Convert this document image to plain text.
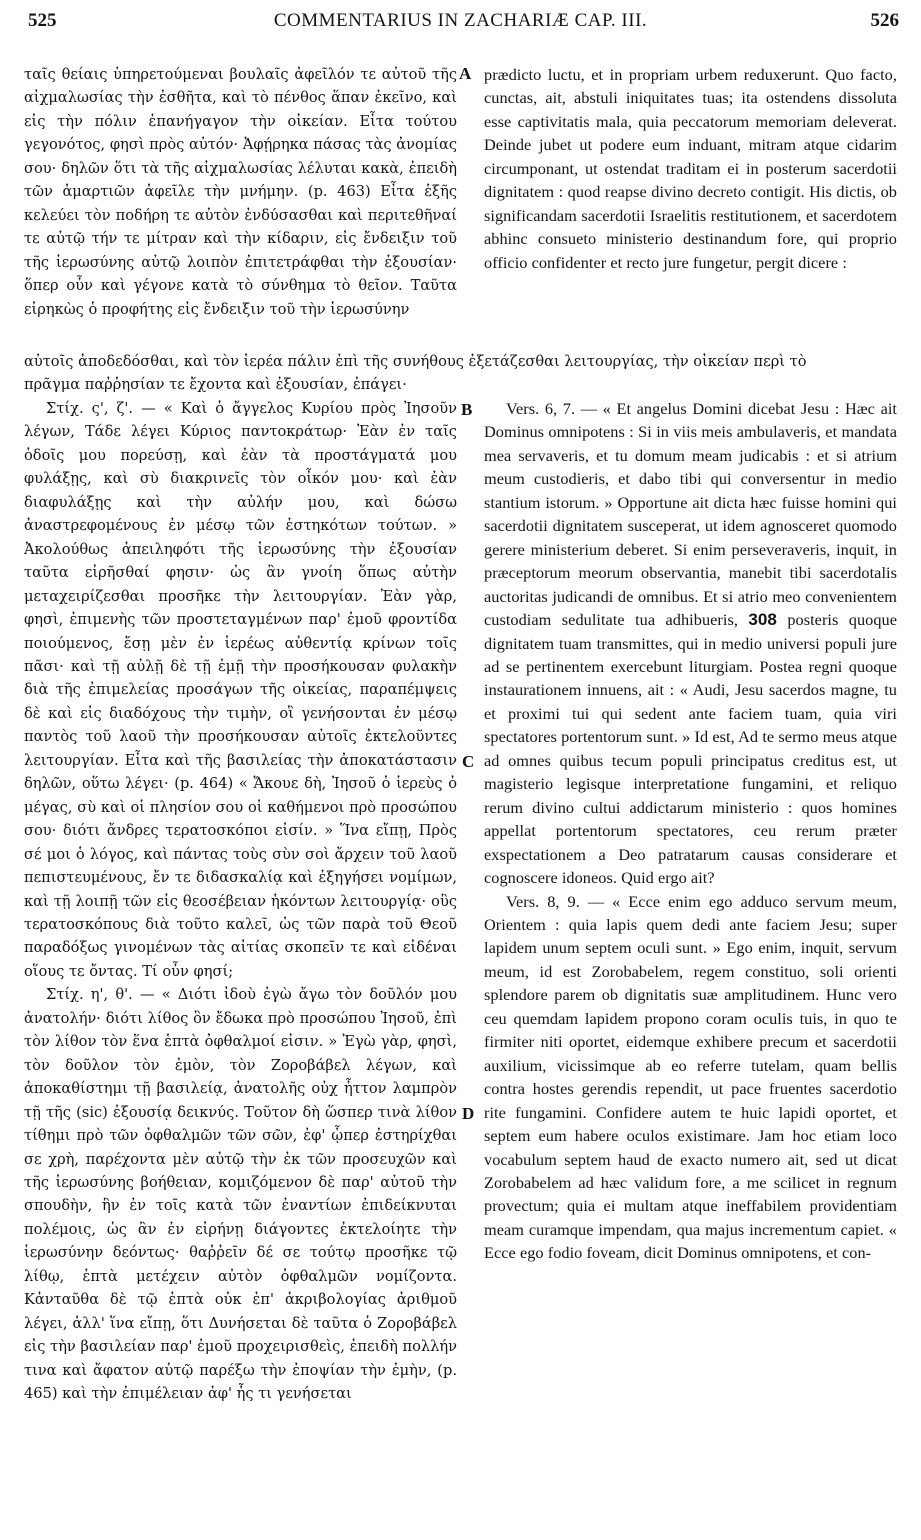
525	COMMENTARIUS IN ZACHARIÆ CAP. III.	526

ταῖς θείαις ὑπηρετούμεναι βουλαῖς ἀφεῖλόν τε αὐτοῦ τῆς αἰχμαλωσίας τὴν ἐσθῆτα, καὶ τὸ πένθος ἅπαν ἐκεῖνο, καὶ εἰς τὴν πόλιν ἐπανήγαγον τὴν οἰκείαν. Εἶτα τούτου γεγονότος, φησὶ πρὸς αὐτόν· Ἀφῄρηκα πάσας τὰς ἀνομίας σου· δηλῶν ὅτι τὰ τῆς αἰχμαλωσίας λέλυται κακὰ, ἐπειδὴ τῶν ἁμαρτιῶν ἀφεῖλε τὴν μνήμην. (p. 463) Εἶτα ἑξῆς κελεύει τὸν ποδήρη τε αὐτὸν ἐνδύσασθαι καὶ περιτεθῆναί τε αὐτῷ τήν τε μίτραν καὶ τὴν κίδαριν, εἰς ἔνδειξιν τοῦ τῆς ἱερωσύνης αὐτῷ λοιπὸν ἐπιτετράφθαι τὴν ἐξουσίαν· ὅπερ οὖν καὶ γέγονε κατὰ τὸ σύνθημα τὸ θεῖον. Ταῦτα εἰρηκὼς ὁ προφήτης εἰς ἔνδειξιν τοῦ τὴν ἱερωσύνην

prædicto luctu, et in propriam urbem reduxerunt. Quo facto, cunctas, ait, abstuli iniquitates tuas; ita ostendens dissoluta esse captivitatis mala, quia peccatorum memoriam deleverat. Deinde jubet ut podere eum induant, mitram atque cidarim circumponant, ut ostendat traditam ei in posterum sacerdotii dignitatem : quod reapse divino decreto contigit. His dictis, ob significandam sacerdotii Israelitis restitutionem, et sacerdotem abhinc consueto ministerio destinandum fore, qui proprio officio confidenter et recto jure fungetur, pergit dicere :

αὐτοῖς ἀποδεδόσθαι, καὶ τὸν ἱερέα πάλιν ἐπὶ τῆς συνήθους ἐξετάζεσθαι λειτουργίας, τὴν οἰκείαν περὶ τὸ

πρᾶγμα παῤῥησίαν τε ἔχοντα καὶ ἐξουσίαν, ἐπάγει·

Στίχ. ς', ζ'. — « Καὶ ὁ ἄγγελος Κυρίου πρὸς Ἰησοῦν λέγων, Τάδε λέγει Κύριος παντοκράτωρ· Ἐὰν ἐν ταῖς ὁδοῖς μου πορεύσῃ, καὶ ἐὰν τὰ προστάγματά μου φυλάξῃς, καὶ σὺ διακρινεῖς τὸν οἶκόν μου· καὶ ἐὰν διαφυλάξῃς καὶ τὴν αὐλήν μου, καὶ δώσω ἀναστρεφομένους ἐν μέσῳ τῶν ἑστηκότων τούτων. » Ἀκολούθως ἀπειληφότι τῆς ἱερωσύνης τὴν ἐξουσίαν ταῦτα εἰρῆσθαί φησιν· ὡς ἂν γνοίη ὅπως αὐτὴν μεταχειρίζεσθαι προσῆκε τὴν λειτουργίαν. Ἐὰν γὰρ, φησὶ, ἐπιμενὴς τῶν προστεταγμένων παρ' ἐμοῦ φροντίδα ποιούμενος, ἔσῃ μὲν ἐν ἱερέως αὐθεντίᾳ κρίνων τοῖς πᾶσι· καὶ τῇ αὐλῇ δὲ τῇ ἐμῇ τὴν προσήκουσαν φυλακὴν διὰ τῆς ἐπιμελείας προσάγων τῆς οἰκείας, παραπέμψεις δὲ καὶ εἰς διαδόχους τὴν τιμὴν, οἳ γενήσονται ἐν μέσῳ παντὸς τοῦ λαοῦ τὴν προσήκουσαν αὐτοῖς ἐκτελοῦντες λειτουργίαν. Εἶτα καὶ τῆς βασιλείας τὴν ἀποκατάστασιν δηλῶν, οὕτω λέγει· (p. 464) « Ἄκουε δὴ, Ἰησοῦ ὁ ἱερεὺς ὁ μέγας, σὺ καὶ οἱ πλησίον σου οἱ καθήμενοι πρὸ προσώπου σου· διότι ἄνδρες τερατοσκόποι εἰσίν. » Ἵνα εἴπῃ, Πρὸς σέ μοι ὁ λόγος, καὶ πάντας τοὺς σὺν σοὶ ἄρχειν τοῦ λαοῦ πεπιστευμένους, ἔν τε διδασκαλίᾳ καὶ ἐξηγήσει νομίμων, καὶ τῇ λοιπῇ τῶν εἰς θεοσέβειαν ἡκόντων λειτουργίᾳ· οὓς τερατοσκόπους διὰ τοῦτο καλεῖ, ὡς τῶν παρὰ τοῦ Θεοῦ παραδόξως γινομένων τὰς αἰτίας σκοπεῖν τε καὶ εἰδέναι οἵους τε ὄντας. Τί οὖν φησί;

Στίχ. η', θ'. — « Διότι ἰδοὺ ἐγὼ ἄγω τὸν δοῦλόν μου ἀνατολήν· διότι λίθος ὃν ἔδωκα πρὸ προσώπου Ἰησοῦ, ἐπὶ τὸν λίθον τὸν ἕνα ἑπτὰ ὀφθαλμοί εἰσιν. » Ἐγὼ γὰρ, φησὶ, τὸν δοῦλον τὸν ἐμὸν, τὸν Ζοροβάβελ λέγων, καὶ ἀποκαθίστημι τῇ βασιλείᾳ, ἀνατολῆς οὐχ ἧττον λαμπρὸν τῇ τῆς (sic) ἐξουσίᾳ δεικνύς. Τοῦτον δὴ ὥσπερ τινὰ λίθον τίθημι πρὸ τῶν ὀφθαλμῶν τῶν σῶν, ἐφ' ᾧπερ ἐστηρίχθαι σε χρὴ, παρέχοντα μὲν αὐτῷ τὴν ἐκ τῶν προσευχῶν καὶ τῆς ἱερωσύνης βοήθειαν, κομιζόμενον δὲ παρ' αὐτοῦ τὴν σπουδὴν, ἣν ἐν τοῖς κατὰ τῶν ἐναντίων ἐπιδείκνυται πολέμοις, ὡς ἂν ἐν εἰρήνῃ διάγοντες ἐκτελοίητε τὴν ἱερωσύνην δεόντως· θαῤῥεῖν δέ σε τούτῳ προσῆκε τῷ λίθῳ, ἑπτὰ μετέχειν αὐτὸν ὀφθαλμῶν νομίζοντα. Κἀνταῦθα δὲ τῷ ἑπτὰ οὐκ ἐπ' ἀκριβολογίας ἀριθμοῦ λέγει, ἀλλ' ἵνα εἴπῃ, ὅτι Δυνήσεται δὲ ταῦτα ὁ Ζοροβάβελ εἰς τὴν βασιλείαν παρ' ἐμοῦ προχειρισθεὶς, ἐπειδὴ πολλήν τινα καὶ ἄφατον αὐτῷ παρέξω τὴν ἐποψίαν τὴν ἐμὴν, (p. 465) καὶ τὴν ἐπιμέλειαν ἀφ' ἧς τι γενήσεται

Vers. 6, 7. — « Et angelus Domini dicebat Jesu : Hæc ait Dominus omnipotens : Si in viis meis ambulaveris, et mandata mea servaveris, et tu domum meam judicabis : et si atrium meum custodieris, et dabo tibi qui conversentur in medio stantium istorum. » Opportune ait dicta hæc fuisse homini qui sacerdotii dignitatem susceperat, ut idem agnosceret quomodo gerere ministerium deberet. Si enim perseveraveris, inquit, in præceptorum meorum observantia, manebit tibi sacerdotalis auctoritas judicandi de omnibus. Et si atrio meo convenientem custodiam sedulitate tua adhibueris, 308 posteris quoque dignitatem tuam transmittes, qui in medio universi populi jure ad se pertinentem exercebunt liturgiam. Postea regni quoque instaurationem innuens, ait : « Audi, Jesu sacerdos magne, tu et proximi tui qui sedent ante faciem tuam, quia viri spectatores portentorum sunt. » Id est, Ad te sermo meus atque ad omnes quibus tecum populi principatus creditus est, ut magisterio legisque interpretatione fungamini, et reliquo rerum divino cultui addictarum ministerio : quos homines appellat portentorum spectatores, ceu rerum præter exspectationem a Deo patratarum causas considerare et cognoscere idoneos. Quid ergo ait?

Vers. 8, 9. — « Ecce enim ego adduco servum meum, Orientem : quia lapis quem dedi ante faciem Jesu; super lapidem unum septem oculi sunt. » Ego enim, inquit, servum meum, id est Zorobabelem, regem constituo, soli orienti splendore parem ob dignitatis suæ amplitudinem. Hunc vero ceu quemdam lapidem propono coram oculis tuis, in quo te firmiter niti oportet, eidemque exhibere precum et sacerdotii auxilium, vicissimque ab eo referre tutelam, quam bellis contra hostes gerendis rependit, ut pace fruentes sacerdotio rite fungamini. Confidere autem te huic lapidi oportet, et septem eum habere oculos existimare. Jam hoc etiam loco vocabulum septem haud de exacto numero ait, sed ut dicat Zorobabelem ad hæc validum fore, a me scilicet in regnum provectum; quia ei multam atque ineffabilem providentiam meam curamque impendam, qua majus incrementum capiet. « Ecce ego fodio foveam, dicit Dominus omnipotens, et con-

A
B
C
D
